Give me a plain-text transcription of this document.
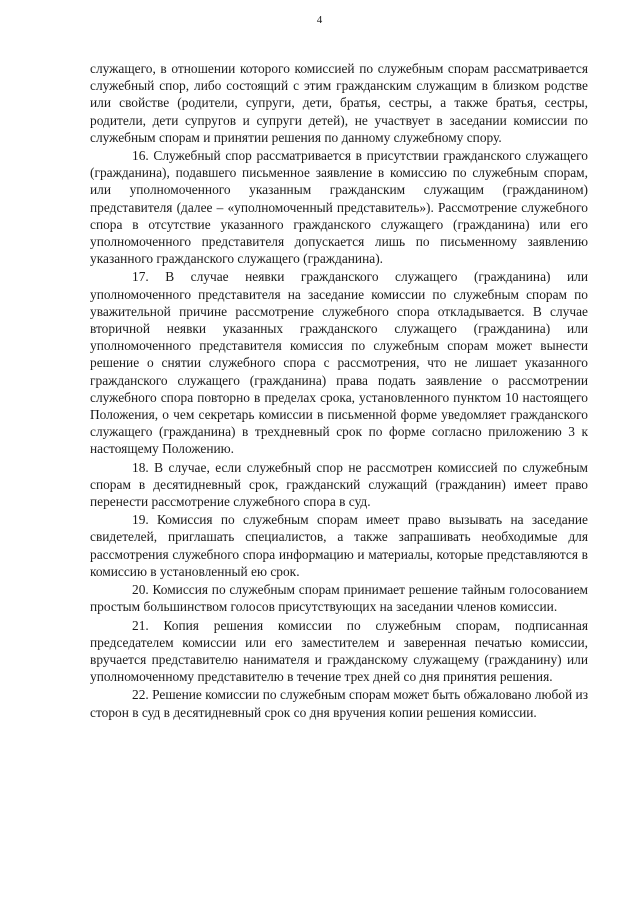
4

служащего, в отношении которого комиссией по служебным спорам рассматривается служебный спор, либо состоящий с этим гражданским служащим в близком родстве или свойстве (родители, супруги, дети, братья, сестры, а также братья, сестры, родители, дети супругов и супруги детей), не участвует в заседании комиссии по служебным спорам и принятии решения по данному служебному спору.

16. Служебный спор рассматривается в присутствии гражданского служащего (гражданина), подавшего письменное заявление в комиссию по служебным спорам, или уполномоченного указанным гражданским служащим (гражданином) представителя (далее – «уполномоченный представитель»). Рассмотрение служебного спора в отсутствие указанного гражданского служащего (гражданина) или его уполномоченного представителя допускается лишь по письменному заявлению указанного гражданского служащего (гражданина).

17. В случае неявки гражданского служащего (гражданина) или уполномоченного представителя на заседание комиссии по служебным спорам по уважительной причине рассмотрение служебного спора откладывается. В случае вторичной неявки указанных гражданского служащего (гражданина) или уполномоченного представителя комиссия по служебным спорам может вынести решение о снятии служебного спора с рассмотрения, что не лишает указанного гражданского служащего (гражданина) права подать заявление о рассмотрении служебного спора повторно в пределах срока, установленного пунктом 10 настоящего Положения, о чем секретарь комиссии в письменной форме уведомляет гражданского служащего (гражданина) в трехдневный срок по форме согласно приложению 3 к настоящему Положению.

18. В случае, если служебный спор не рассмотрен комиссией по служебным спорам в десятидневный срок, гражданский служащий (гражданин) имеет право перенести рассмотрение служебного спора в суд.

19. Комиссия по служебным спорам имеет право вызывать на заседание свидетелей, приглашать специалистов, а также запрашивать необходимые для рассмотрения служебного спора информацию и материалы, которые представляются в комиссию в установленный ею срок.

20. Комиссия по служебным спорам принимает решение тайным голосованием простым большинством голосов присутствующих на заседании членов комиссии.

21. Копия решения комиссии по служебным спорам, подписанная председателем комиссии или его заместителем и заверенная печатью комиссии, вручается представителю нанимателя и гражданскому служащему (гражданину) или уполномоченному представителю в течение трех дней со дня принятия решения.

22. Решение комиссии по служебным спорам может быть обжаловано любой из сторон в суд в десятидневный срок со дня вручения копии решения комиссии.
